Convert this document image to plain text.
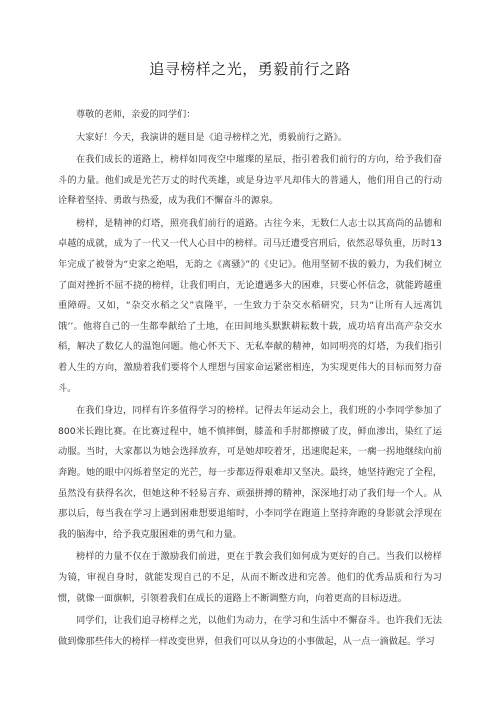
追寻榜样之光，勇毅前行之路

尊敬的老师，亲爱的同学们：

大家好！今天，我演讲的题目是《追寻榜样之光，勇毅前行之路》。

在我们成长的道路上，榜样如同夜空中璀璨的星辰，指引着我们前行的方向，给予我们奋斗的力量。他们或是光芒万丈的时代英雄，或是身边平凡却伟大的普通人，他们用自己的行动诠释着坚持、勇敢与热爱，成为我们不懈奋斗的源泉。

榜样，是精神的灯塔，照亮我们前行的道路。古往今来，无数仁人志士以其高尚的品德和卓越的成就，成为了一代又一代人心目中的榜样。司马迁遭受宫刑后，依然忍辱负重，历时13年完成了被誉为“史家之绝唱，无韵之《离骚》”的《史记》。他用坚韧不拔的毅力，为我们树立了面对挫折不屈不挠的榜样，让我们明白，无论遭遇多大的困难，只要心怀信念，就能跨越重重障碍。又如，“杂交水稻之父”袁隆平，一生致力于杂交水稻研究，只为“让所有人远离饥饿’’。他将自己的一生都奉献给了土地，在田间地头默默耕耘数十载，成功培育出高产杂交水稻，解决了数亿人的温饱问题。他心怀天下、无私奉献的精神，如同明亮的灯塔，为我们指引着人生的方向，激励着我们要将个人理想与国家命运紧密相连，为实现更伟大的目标而努力奋斗。

在我们身边，同样有许多值得学习的榜样。记得去年运动会上，我们班的小李同学参加了800米长跑比赛。在比赛过程中，她不慎摔倒，膝盖和手肘都擦破了皮，鲜血渗出，染红了运动服。当时，大家都以为她会选择放弃，可是她却咬着牙，迅速爬起来，一瘸一拐地继续向前奔跑。她的眼中闪烁着坚定的光芒，每一步都迈得艰难却又坚决。最终，她坚持跑完了全程，虽然没有获得名次，但她这种不轻易言弃、顽强拼搏的精神，深深地打动了我们每一个人。从那以后，每当我在学习上遇到困难想要退缩时，小李同学在跑道上坚持奔跑的身影就会浮现在我的脑海中，给予我克服困难的勇气和力量。

榜样的力量不仅在于激励我们前进，更在于教会我们如何成为更好的自己。当我们以榜样为镜，审视自身时，就能发现自己的不足，从而不断改进和完善。他们的优秀品质和行为习惯，就像一面旗帜，引领着我们在成长的道路上不断调整方向，向着更高的目标迈进。

同学们，让我们追寻榜样之光，以他们为动力，在学习和生活中不懈奋斗。也许我们无法做到像那些伟大的榜样一样改变世界，但我们可以从身边的小事做起，从一点一滴做起。学习
